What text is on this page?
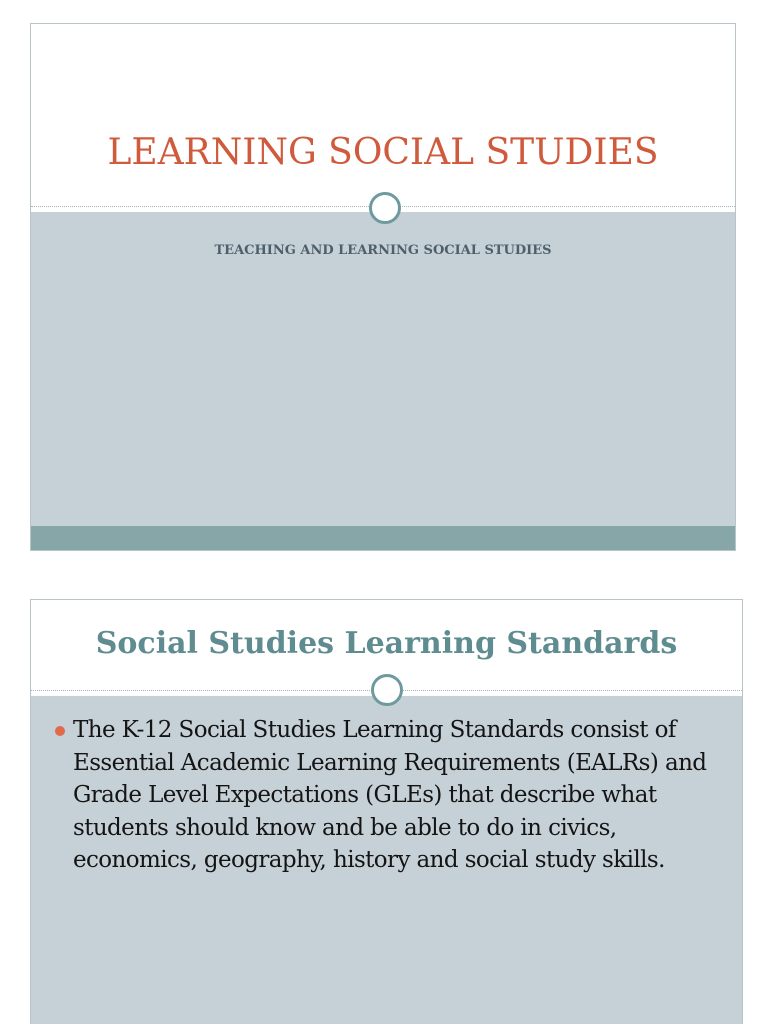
LEARNING SOCIAL STUDIES
TEACHING AND LEARNING SOCIAL STUDIES
Social Studies Learning Standards
The K-12 Social Studies Learning Standards consist of Essential Academic Learning Requirements (EALRs) and Grade Level Expectations (GLEs) that describe what students should know and be able to do in civics, economics, geography, history and social study skills.
